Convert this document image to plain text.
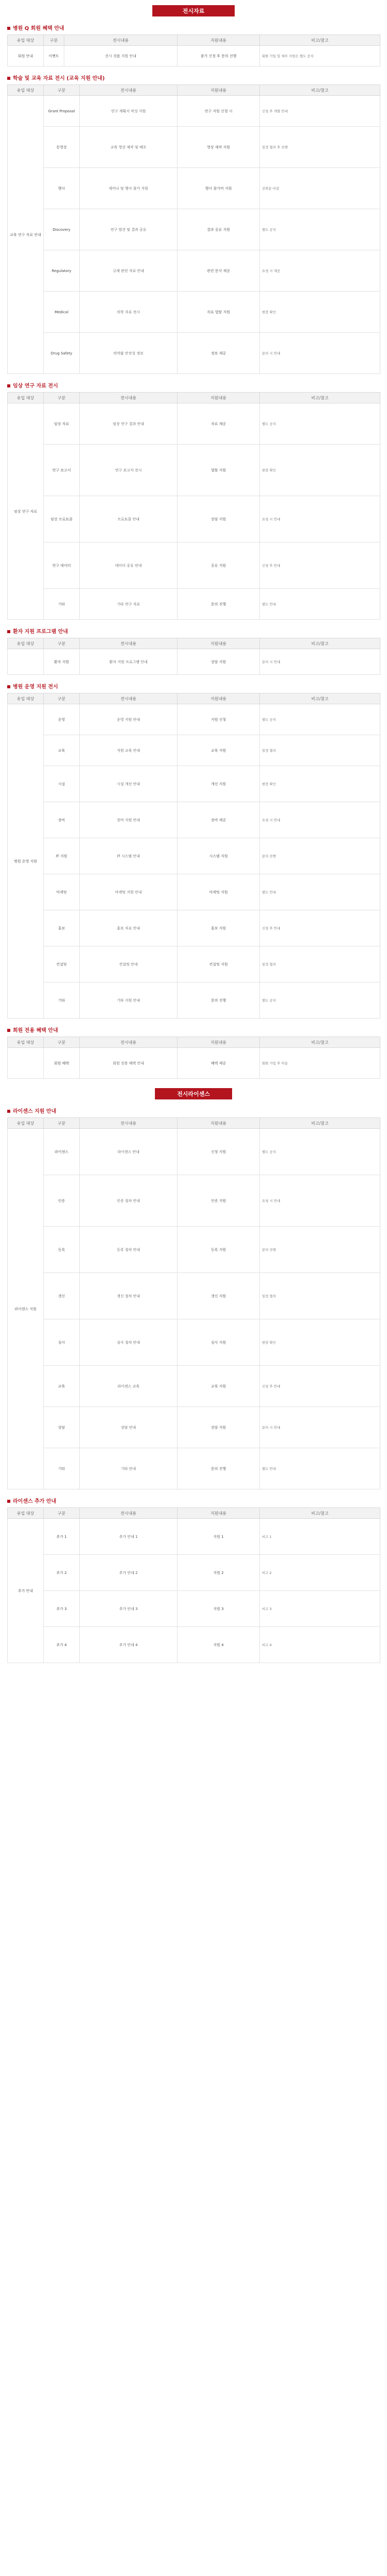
전시자료
병원 Q 회원 혜택 안내
유입 대상	구분	전시내용	지원내용	비고/참고
회원 안내	이벤트	전시 경품 지원 안내	참가 신청 후 문의 진행	회원 가입 및 세부 사항은 별도 공지
학술 및 교육 자료 전시 (교육 지원 안내)
유입 대상	구분	전시내용	지원내용	비고/참고
교육 연구 자료 안내	Grant Proposal	연구 계획서 작성 지원	연구 지원 신청 시	신청 후 개별 안내
	동영상	교육 영상 제작 및 배포	영상 제작 지원	일정 협의 후 진행
	행사	세미나 및 행사 참가 지원	행사 참가비 지원	선착순 마감
	Discovery	연구 발견 및 결과 공유	결과 공유 지원	별도 공지
	Regulatory	규제 관련 자료 안내	관련 문서 제공	요청 시 제공
	Medical	의학 자료 전시	자료 열람 지원	현장 확인
	Drug Safety	의약품 안전성 정보	정보 제공	문의 시 안내
임상 연구 자료 전시
유입 대상	구분	전시내용	지원내용	비고/참고
임상 연구 자료	임상 자료	임상 연구 결과 안내	자료 제공	별도 공지
	연구 보고서	연구 보고서 전시	열람 지원	현장 확인
	임상 프로토콜	프로토콜 안내	상담 지원	요청 시 안내
	연구 데이터	데이터 공유 안내	공유 지원	신청 후 안내
	기타	기타 연구 자료	문의 진행	별도 안내
환자 지원 프로그램 안내
유입 대상	구분	전시내용	지원내용	비고/참고
	환자 지원	환자 지원 프로그램 안내	상담 지원	문의 시 안내
병원 운영 지원 전시
유입 대상	구분	전시내용	지원내용	비고/참고
병원 운영 지원	운영	운영 지원 안내	지원 신청	별도 공지
	교육	직원 교육 안내	교육 지원	일정 협의
	시설	시설 개선 안내	개선 지원	현장 확인
	장비	장비 지원 안내	장비 제공	요청 시 안내
	IT 지원	IT 시스템 안내	시스템 지원	문의 진행
	마케팅	마케팅 지원 안내	마케팅 지원	별도 안내
	홍보	홍보 자료 안내	홍보 지원	신청 후 안내
	컨설팅	컨설팅 안내	컨설팅 지원	일정 협의
	기타	기타 지원 안내	문의 진행	별도 공지
회원 전용 혜택 안내
유입 대상	구분	전시내용	지원내용	비고/참고
	회원 혜택	회원 전용 혜택 안내	혜택 제공	회원 가입 후 이용
전시라이센스
라이센스 지원 안내
유입 대상	구분	전시내용	지원내용	비고/참고
라이센스 지원	라이센스	라이센스 안내	신청 지원	별도 공지
	인증	인증 절차 안내	인증 지원	요청 시 안내
	등록	등록 절차 안내	등록 지원	문의 진행
	갱신	갱신 절차 안내	갱신 지원	일정 협의
	심사	심사 절차 안내	심사 지원	현장 확인
	교육	라이센스 교육	교육 지원	신청 후 안내
	상담	상담 안내	상담 지원	문의 시 안내
	기타	기타 안내	문의 진행	별도 안내
라이센스 추가 안내
유입 대상	구분	전시내용	지원내용	비고/참고
추가 안내	추가 1	추가 안내 1	지원 1	비고 1
	추가 2	추가 안내 2	지원 2	비고 2
	추가 3	추가 안내 3	지원 3	비고 3
	추가 4	추가 안내 4	지원 4	비고 4
